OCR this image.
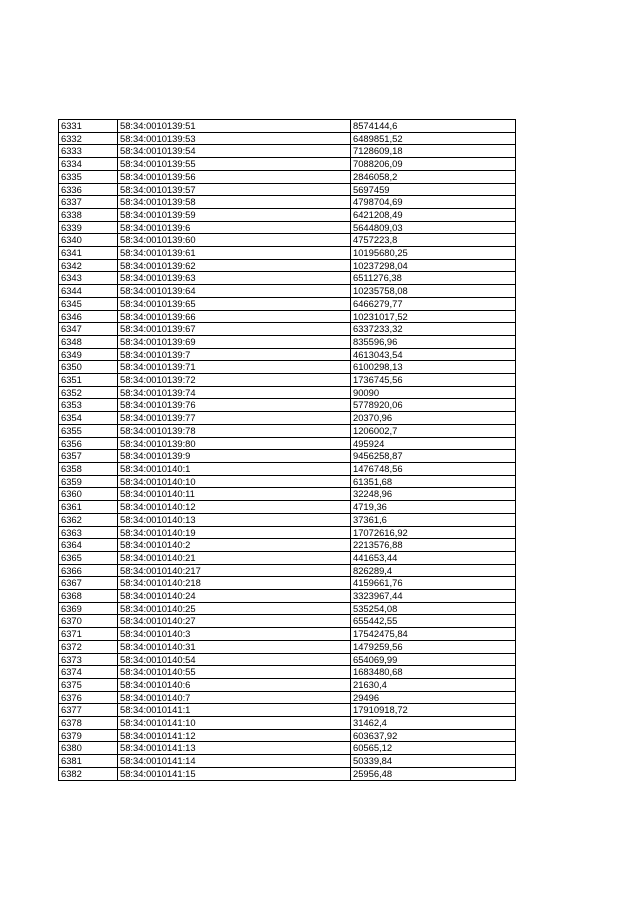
6331	58:34:0010139:51	8574144,6
6332	58:34:0010139:53	6489851,52
6333	58:34:0010139:54	7128609,18
6334	58:34:0010139:55	7088206,09
6335	58:34:0010139:56	2846058,2
6336	58:34:0010139:57	5697459
6337	58:34:0010139:58	4798704,69
6338	58:34:0010139:59	6421208,49
6339	58:34:0010139:6	5644809,03
6340	58:34:0010139:60	4757223,8
6341	58:34:0010139:61	10195680,25
6342	58:34:0010139:62	10237298,04
6343	58:34:0010139:63	6511276,38
6344	58:34:0010139:64	10235758,08
6345	58:34:0010139:65	6466279,77
6346	58:34:0010139:66	10231017,52
6347	58:34:0010139:67	6337233,32
6348	58:34:0010139:69	835596,96
6349	58:34:0010139:7	4613043,54
6350	58:34:0010139:71	6100298,13
6351	58:34:0010139:72	1736745,56
6352	58:34:0010139:74	90090
6353	58:34:0010139:76	5778920,06
6354	58:34:0010139:77	20370,96
6355	58:34:0010139:78	1206002,7
6356	58:34:0010139:80	495924
6357	58:34:0010139:9	9456258,87
6358	58:34:0010140:1	1476748,56
6359	58:34:0010140:10	61351,68
6360	58:34:0010140:11	32248,96
6361	58:34:0010140:12	4719,36
6362	58:34:0010140:13	37361,6
6363	58:34:0010140:19	17072616,92
6364	58:34:0010140:2	2213576,88
6365	58:34:0010140:21	441653,44
6366	58:34:0010140:217	826289,4
6367	58:34:0010140:218	4159661,76
6368	58:34:0010140:24	3323967,44
6369	58:34:0010140:25	535254,08
6370	58:34:0010140:27	655442,55
6371	58:34:0010140:3	17542475,84
6372	58:34:0010140:31	1479259,56
6373	58:34:0010140:54	654069,99
6374	58:34:0010140:55	1683480,68
6375	58:34:0010140:6	21630,4
6376	58:34:0010140:7	29496
6377	58:34:0010141:1	17910918,72
6378	58:34:0010141:10	31462,4
6379	58:34:0010141:12	603637,92
6380	58:34:0010141:13	60565,12
6381	58:34:0010141:14	50339,84
6382	58:34:0010141:15	25956,48
